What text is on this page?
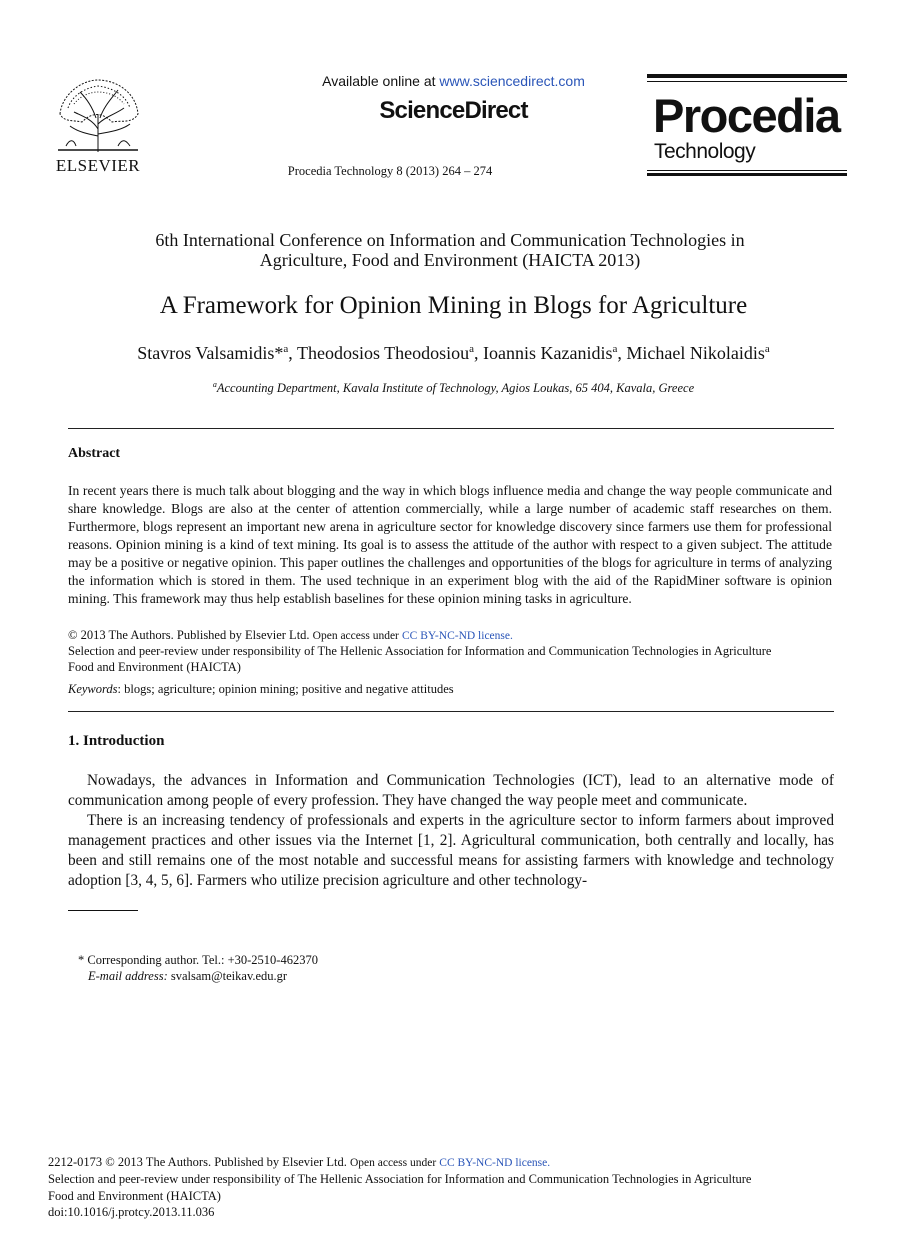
ELSEVIER
Available online at www.sciencedirect.com
ScienceDirect
Procedia Technology 8 (2013) 264 – 274
Procedia
Technology
6th International Conference on Information and Communication Technologies in
Agriculture, Food and Environment (HAICTA 2013)
A Framework for Opinion Mining in Blogs for Agriculture
Stavros Valsamidis*$^a$, Theodosios Theodosiou$^a$, Ioannis Kazanidis$^a$, Michael Nikolaidis$^a$
$^a$Accounting Department, Kavala Institute of Technology, Agios Loukas, 65 404, Kavala, Greece
Abstract
In recent years there is much talk about blogging and the way in which blogs influence media and change the way people communicate and share knowledge. Blogs are also at the center of attention commercially, while a large number of academic staff researches on them. Furthermore, blogs represent an important new arena in agriculture sector for knowledge discovery since farmers use them for professional reasons. Opinion mining is a kind of text mining. Its goal is to assess the attitude of the author with respect to a given subject. The attitude may be a positive or negative opinion. This paper outlines the challenges and opportunities of the blogs for agriculture in terms of analyzing the information which is stored in them. The used technique in an experiment blog with the aid of the RapidMiner software is opinion mining. This framework may thus help establish baselines for these opinion mining tasks in agriculture.
© 2013 The Authors. Published by Elsevier Ltd. Open access under CC BY-NC-ND license.
Selection and peer-review under responsibility of The Hellenic Association for Information and Communication Technologies in Agriculture
Food and Environment (HAICTA)
Keywords: blogs; agriculture; opinion mining; positive and negative attitudes
1. Introduction
Nowadays, the advances in Information and Communication Technologies (ICT), lead to an alternative mode of communication among people of every profession. They have changed the way people meet and communicate.
There is an increasing tendency of professionals and experts in the agriculture sector to inform farmers about improved management practices and other issues via the Internet [1, 2]. Agricultural communication, both centrally and locally, has been and still remains one of the most notable and successful means for assisting farmers with knowledge and technology adoption [3, 4, 5, 6]. Farmers who utilize precision agriculture and other technology-
* Corresponding author. Tel.: +30-2510-462370
E-mail address: svalsam@teikav.edu.gr
2212-0173 © 2013 The Authors. Published by Elsevier Ltd. Open access under CC BY-NC-ND license.
Selection and peer-review under responsibility of The Hellenic Association for Information and Communication Technologies in Agriculture
Food and Environment (HAICTA)
doi:10.1016/j.protcy.2013.11.036
